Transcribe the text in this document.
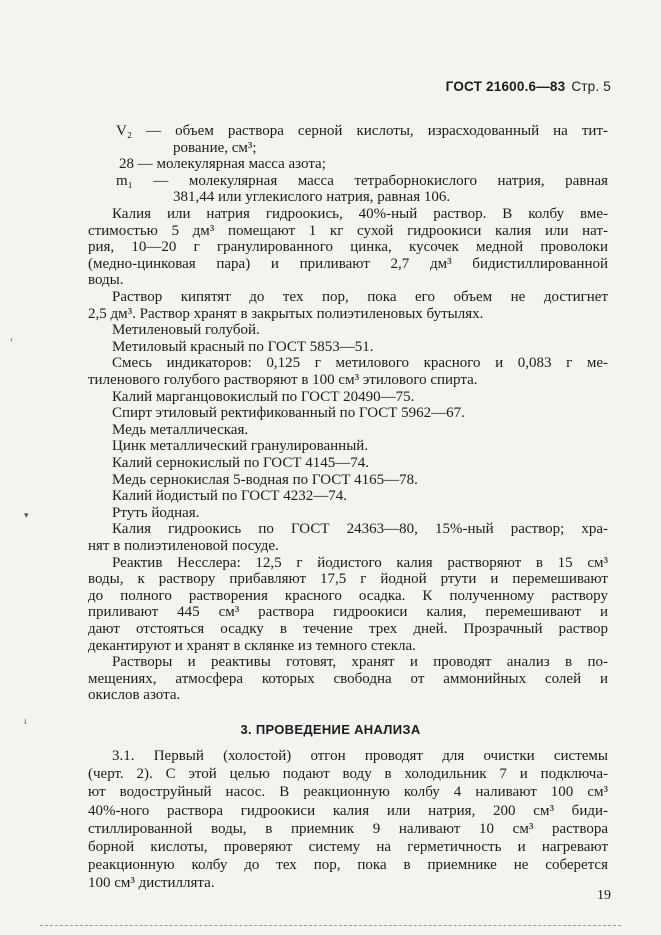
ГОСТ 21600.6—83 Стр. 5
V₂ — объем раствора серной кислоты, израсходованный на тит-
рование, см³;
28 — молекулярная масса азота;
m₁ — молекулярная масса тетраборнокислого натрия, равная
381,44 или углекислого натрия, равная 106.
Калия или натрия гидроокись, 40%-ный раствор. В колбу вме-
стимостью 5 дм³ помещают 1 кг сухой гидроокиси калия или нат-
рия, 10—20 г гранулированного цинка, кусочек медной проволоки
(медно-цинковая пара) и приливают 2,7 дм³ бидистиллированной
воды.
Раствор кипятят до тех пор, пока его объем не достигнет
2,5 дм³. Раствор хранят в закрытых полиэтиленовых бутылях.
Метиленовый голубой.
Метиловый красный по ГОСТ 5853—51.
Смесь индикаторов: 0,125 г метилового красного и 0,083 г ме-
тиленового голубого растворяют в 100 см³ этилового спирта.
Калий марганцовокислый по ГОСТ 20490—75.
Спирт этиловый ректификованный по ГОСТ 5962—67.
Медь металлическая.
Цинк металлический гранулированный.
Калий сернокислый по ГОСТ 4145—74.
Медь сернокислая 5-водная по ГОСТ 4165—78.
Калий йодистый по ГОСТ 4232—74.
Ртуть йодная.
Калия гидроокись по ГОСТ 24363—80, 15%-ный раствор; хра-
нят в полиэтиленовой посуде.
Реактив Несслера: 12,5 г йодистого калия растворяют в 15 см³
воды, к раствору прибавляют 17,5 г йодной ртути и перемешивают
до полного растворения красного осадка. К полученному раствору
приливают 445 см³ раствора гидроокиси калия, перемешивают и
дают отстояться осадку в течение трех дней. Прозрачный раствор
декантируют и хранят в склянке из темного стекла.
Растворы и реактивы готовят, хранят и проводят анализ в по-
мещениях, атмосфера которых свободна от аммонийных солей и
окислов азота.
‹
▾
ı
3. ПРОВЕДЕНИЕ АНАЛИЗА
3.1. Первый (холостой) отгон проводят для очистки системы
(черт. 2). С этой целью подают воду в холодильник 7 и подключа-
ют водоструйный насос. В реакционную колбу 4 наливают 100 см³
40%-ного раствора гидроокиси калия или натрия, 200 см³ биди-
стиллированной воды, в приемник 9 наливают 10 см³ раствора
борной кислоты, проверяют систему на герметичность и нагревают
реакционную колбу до тех пор, пока в приемнике не соберется
100 см³ дистиллята.
19
